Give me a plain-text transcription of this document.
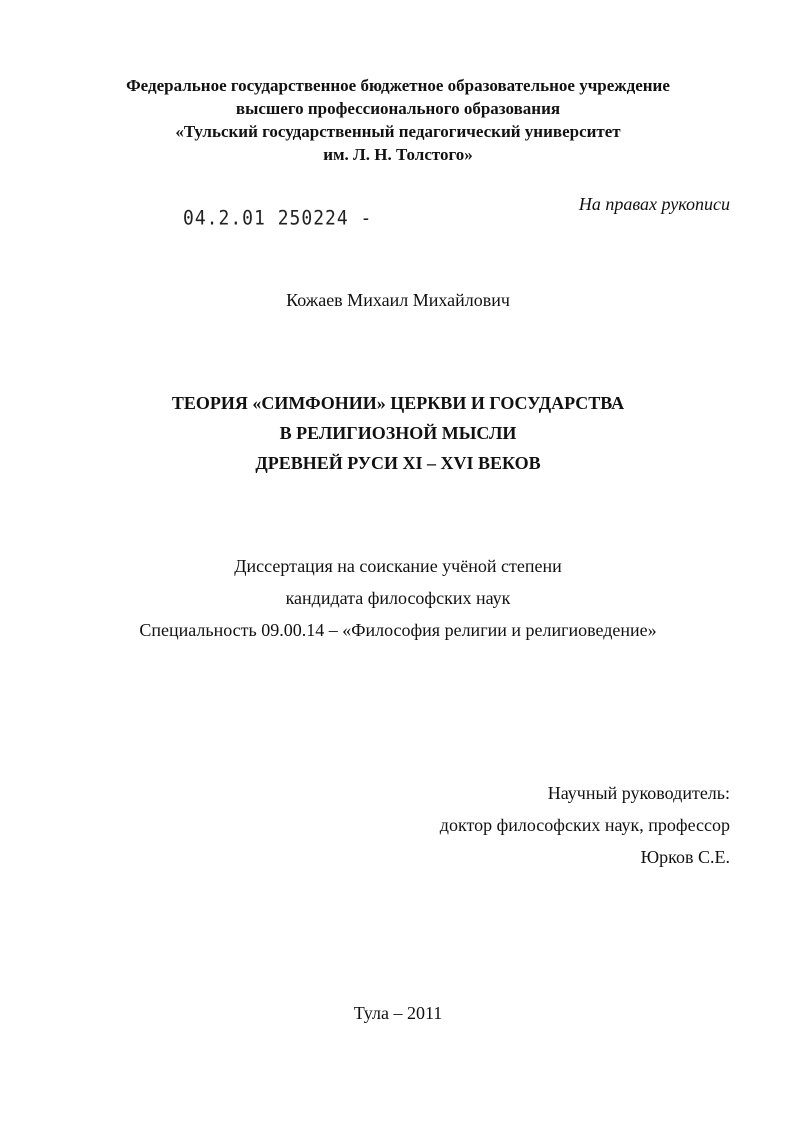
Федеральное государственное бюджетное образовательное учреждение
высшего профессионального образования
«Тульский государственный педагогический университет
им. Л. Н. Толстого»
04.2.01 250224 -
На правах рукописи
Кожаев Михаил Михайлович
ТЕОРИЯ «СИМФОНИИ» ЦЕРКВИ И ГОСУДАРСТВА
В РЕЛИГИОЗНОЙ МЫСЛИ
ДРЕВНЕЙ РУСИ XI – XVI ВЕКОВ
Диссертация на соискание учёной степени
кандидата философских наук
Специальность 09.00.14 – «Философия религии и религиоведение»
Научный руководитель:
доктор философских наук, профессор
Юрков С.Е.
Тула – 2011
